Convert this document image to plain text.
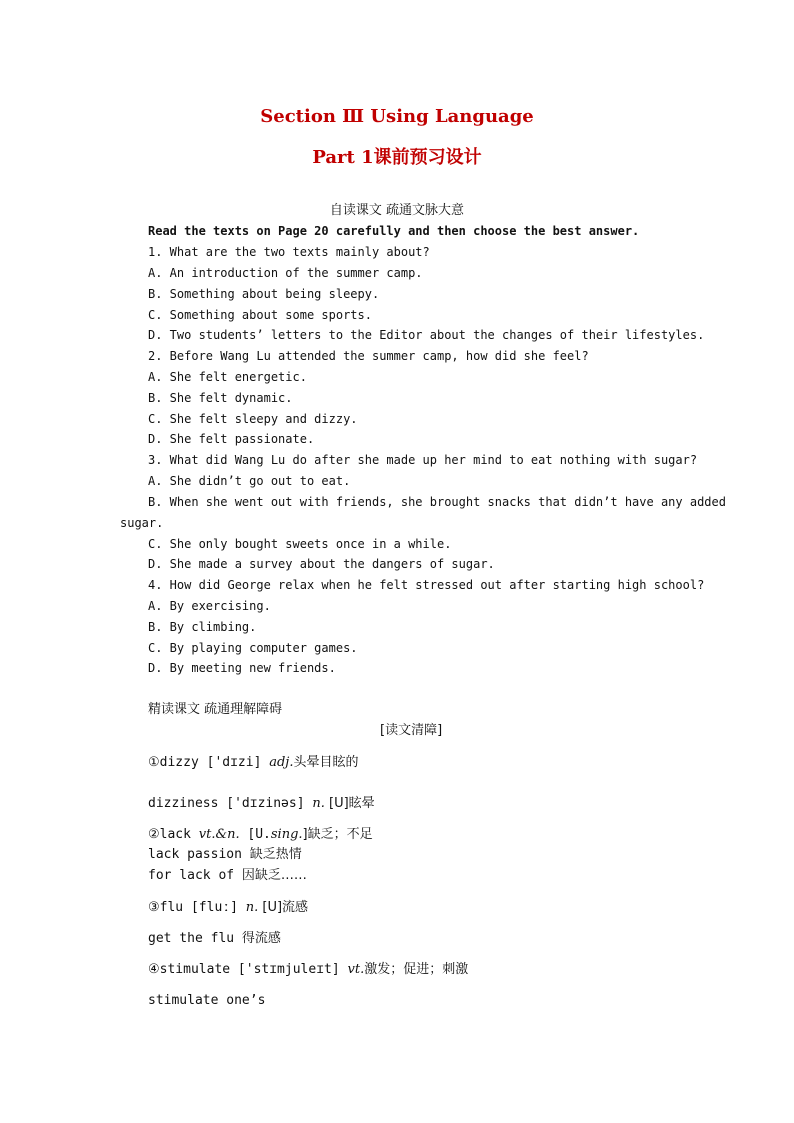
Section Ⅲ Using Language
Part 1课前预习设计
自读课文 疏通文脉大意
Read the texts on Page 20 carefully and then choose the best answer.
1. What are the two texts mainly about?
A. An introduction of the summer camp.
B. Something about being sleepy.
C. Something about some sports.
D. Two students’ letters to the Editor about the changes of their lifestyles.
2. Before Wang Lu attended the summer camp, how did she feel?
A. She felt energetic.
B. She felt dynamic.
C. She felt sleepy and dizzy.
D. She felt passionate.
3. What did Wang Lu do after she made up her mind to eat nothing with sugar?
A. She didn’t go out to eat.
B. When she went out with friends, she brought snacks that didn’t have any added
sugar.
C. She only bought sweets once in a while.
D. She made a survey about the dangers of sugar.
4. How did George relax when he felt stressed out after starting high school?
A. By exercising.
B. By climbing.
C. By playing computer games.
D. By meeting new friends.
精读课文 疏通理解障碍
[读文清障]
①dizzy ['dɪzi] adj.头晕目眩的
dizziness ['dɪzinəs] n. [U]眩晕
②lack vt.&n. [U.sing.]缺乏；不足
lack passion 缺乏热情
for lack of 因缺乏……
③flu [fluː] n. [U]流感
get the flu 得流感
④stimulate ['stɪmjuleɪt] vt.激发；促进；刺激
stimulate one’s
